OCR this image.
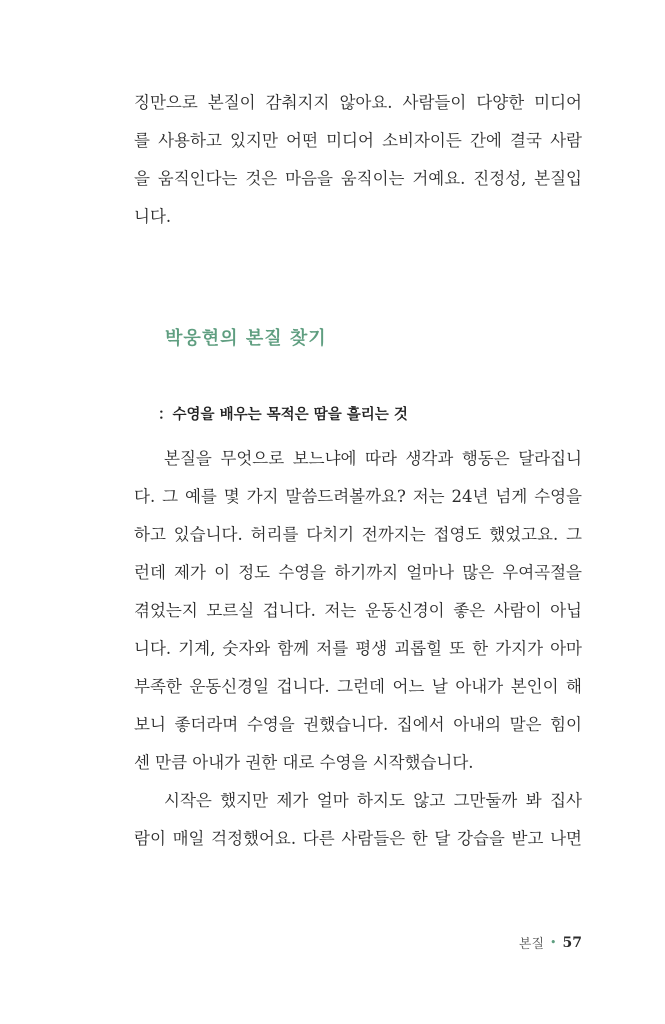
징만으로 본질이 감춰지지 않아요. 사람들이 다양한 미디어
를 사용하고 있지만 어떤 미디어 소비자이든 간에 결국 사람
을 움직인다는 것은 마음을 움직이는 거예요. 진정성, 본질입
니다.
박웅현의 본질 찾기
：수영을 배우는 목적은 땀을 흘리는 것
본질을 무엇으로 보느냐에 따라 생각과 행동은 달라집니
다. 그 예를 몇 가지 말씀드려볼까요? 저는 24년 넘게 수영을
하고 있습니다. 허리를 다치기 전까지는 접영도 했었고요. 그
런데 제가 이 정도 수영을 하기까지 얼마나 많은 우여곡절을
겪었는지 모르실 겁니다. 저는 운동신경이 좋은 사람이 아닙
니다. 기계, 숫자와 함께 저를 평생 괴롭힐 또 한 가지가 아마
부족한 운동신경일 겁니다. 그런데 어느 날 아내가 본인이 해
보니 좋더라며 수영을 권했습니다. 집에서 아내의 말은 힘이
센 만큼 아내가 권한 대로 수영을 시작했습니다.
시작은 했지만 제가 얼마 하지도 않고 그만둘까 봐 집사
람이 매일 걱정했어요. 다른 사람들은 한 달 강습을 받고 나면
본질 • 57
